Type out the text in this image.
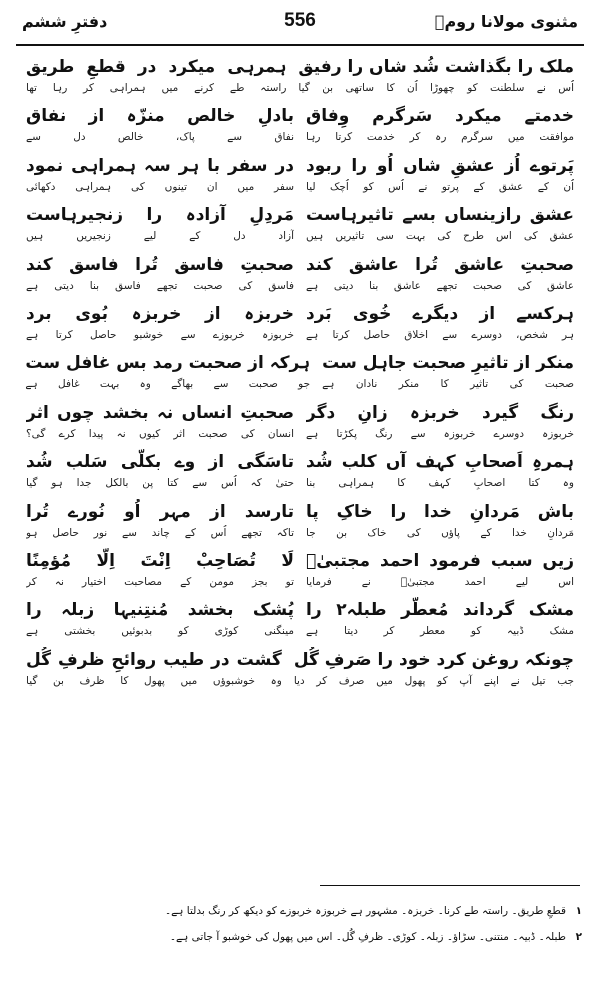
مثنوی مولانا رومؒ
556
دفترِ ششم
ملک را بگذاشت شُد شاں را رفیق
اُس نے سلطنت کو چھوڑا اُن کا ساتھی بن گیا
ہمرہی میکرد در قطعِ طریق
راستہ طے کرنے میں ہمراہی کر رہا تھا
خدمتے میکرد سَرگرم وِفاق
موافقت میں سرگرم رہ کر خدمت کرتا رہا
بادلِ خالص منزّہ از نفاق
نفاق سے پاک، خالص دل سے
پَرتوے اُز عشقِ شاں اُو را ربود
اُن کے عشق کے پرتو نے اُس کو اُچک لیا
در سفر با ہر سہ ہمراہی نمود
سفر میں ان تینوں کی ہمراہی دکھائی
عشق رازینساں بسے تاثیرہاست
عشق کی اس طرح کی بہت سی تاثیریں ہیں
مَردِلِ آزادہ را زنجیرہاست
آزاد دل کے لیے زنجیریں ہیں
صحبتِ عاشق تُرا عاشق کند
عاشق کی صحبت تجھے عاشق بنا دیتی ہے
صحبتِ فاسق تُرا فاسق کند
فاسق کی صحبت تجھے فاسق بنا دیتی ہے
ہرکسے از دیگرے خُوی بَرد
ہر شخص، دوسرے سے اخلاق حاصل کرتا ہے
خربزہ از خربزہ بُوی برد
خربوزہ خربوزے سے خوشبو حاصل کرتا ہے
منکر از تاثیرِ صحبت جاہل ست
صحبت کی تاثیر کا منکر نادان ہے
ہرکہ از صحبت رمد بس غافل ست
جو صحبت سے بھاگے وہ بہت غافل ہے
رنگ گیرد خربزہ زانِ دگر
خربوزہ دوسرے خربوزہ سے رنگ پکڑتا ہے
صحبتِ انساں نہ بخشد چوں اثر
انسان کی صحبت اثر کیوں نہ پیدا کرے گی؟
ہمرہِ اَصحابِ کہف آں کلب شُد
وہ کتا اصحابِ کہف کا ہمراہی بنا
تاسَگی از وے بکلّی سَلب شُد
حتیٰ کہ اُس سے کتا پن بالکل جدا ہو گیا
باش مَردانِ خدا را خاکِ پا
مَردانِ خدا کے پاؤں کی خاک بن جا
تارسد از مہر اُو نُورے تُرا
تاکہ تجھے اُس کے چاند سے نور حاصل ہو
زیں سبب فرمود احمد مجتبیٰؐ
اس لیے احمد مجتبیٰؐ نے فرمایا
لَا تُصَاحِبْ اِنْتَ اِلَّا مُؤمِنًا
تو بجز مومن کے مصاحبت اختیار نہ کر
مشک گرداند مُعطّر طبلہ۲ را
مشک ڈبیہ کو معطر کر دیتا ہے
پُشک بخشد مُنتِنیہا زبلہ را
مینگنی کوڑی کو بدبوئیں بخشتی ہے
چونکہ روغن کرد خود را صَرفِ گُل
جب تیل نے اپنے آپ کو پھول میں صرف کر دیا
گشت در طیب روائحِ ظرفِ گُل
وہ خوشبوؤں میں پھول کا ظرف بن گیا
۱قطعِ طریق۔ راستہ طے کرنا۔ خربزہ۔ مشہور ہے خربوزہ خربوزے کو دیکھ کر رنگ بدلتا ہے۔
۲طبلہ۔ ڈبیہ۔ منتنی۔ سڑاؤ۔ زبلہ۔ کوڑی۔ ظرفِ گُل۔ اس میں پھول کی خوشبو آ جاتی ہے۔
